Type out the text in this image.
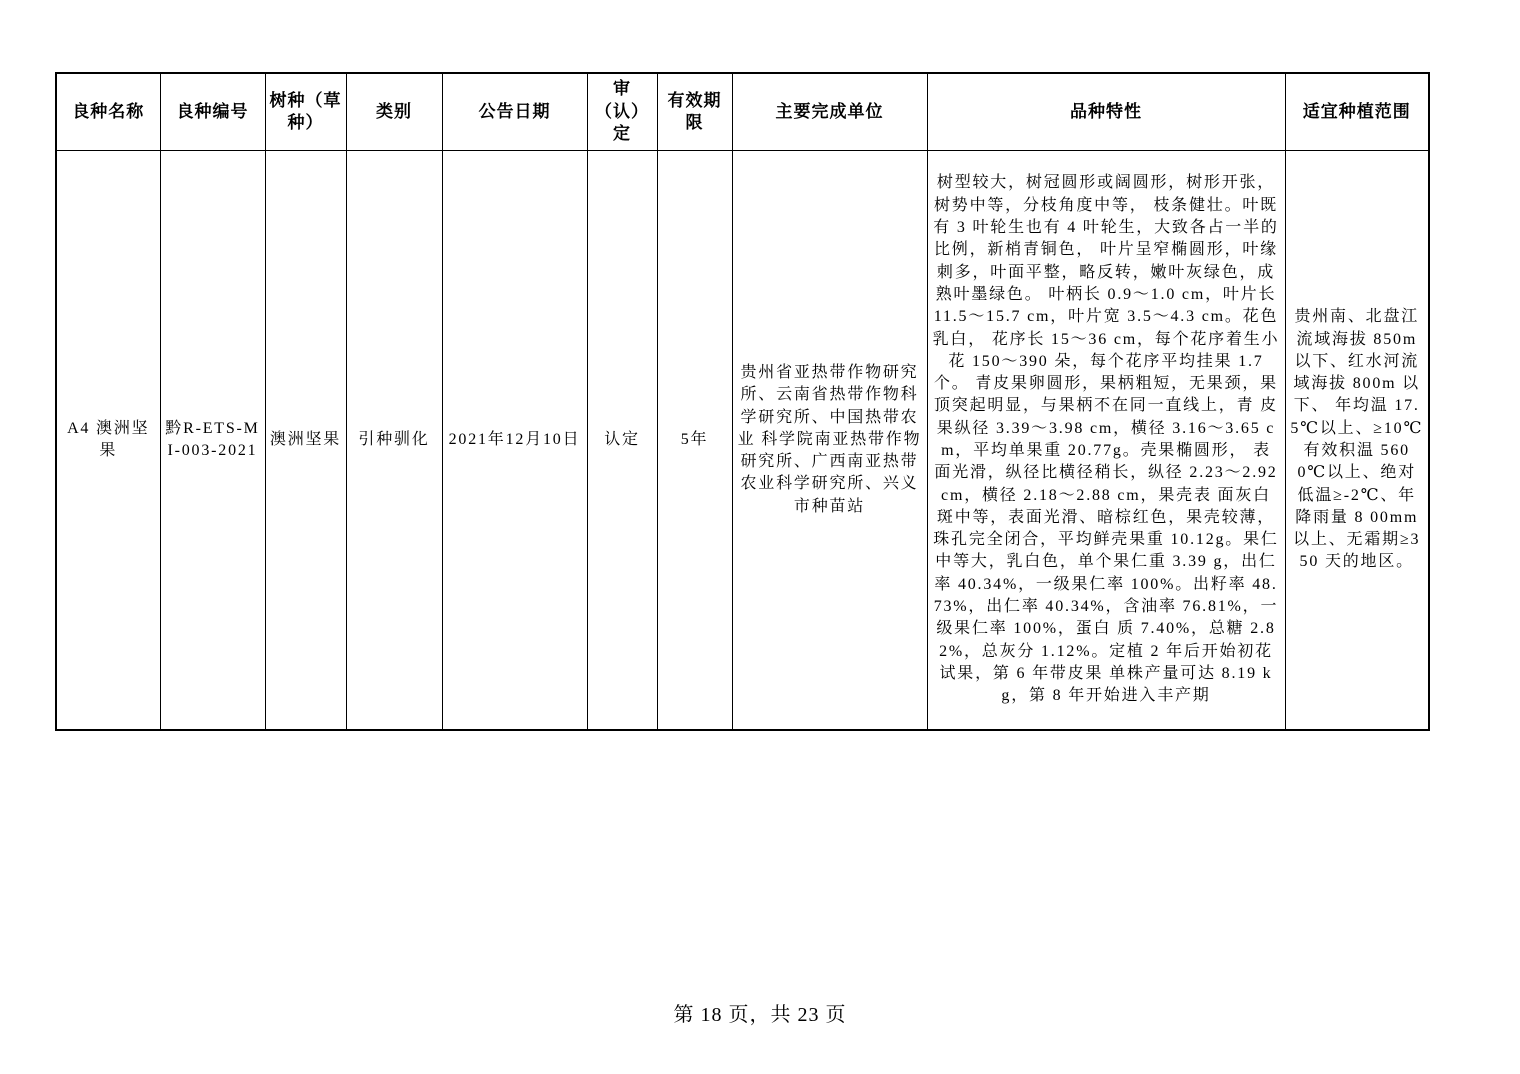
良种名称	良种编号	树种（草种）	类别	公告日期	审（认）定	有效期限	主要完成单位	品种特性	适宜种植范围
A4 澳洲坚果	黔R-ETS-MI-003-2021	澳洲坚果	引种驯化	2021年12月10日	认定	5年	贵州省亚热带作物研究所、云南省热带作物科学研究所、中国热带农业 科学院南亚热带作物研究所、广西南亚热带农业科学研究所、兴义市种苗站	树型较大，树冠圆形或阔圆形，树形开张，树势中等，分枝角度中等， 枝条健壮。叶既有 3 叶轮生也有 4 叶轮生，大致各占一半的比例，新梢青铜色， 叶片呈窄椭圆形，叶缘刺多，叶面平整，略反转，嫩叶灰绿色，成熟叶墨绿色。 叶柄长 0.9～1.0 cm，叶片长 11.5～15.7 cm，叶片宽 3.5～4.3 cm。花色乳白， 花序长 15～36 cm，每个花序着生小花 150～390 朵，每个花序平均挂果 1.7 个。 青皮果卵圆形，果柄粗短，无果颈，果顶突起明显，与果柄不在同一直线上，青 皮果纵径 3.39～3.98 cm，横径 3.16～3.65 cm，平均单果重 20.77g。壳果椭圆形， 表面光滑，纵径比横径稍长，纵径 2.23～2.92 cm，横径 2.18～2.88 cm，果壳表 面灰白斑中等，表面光滑、暗棕红色，果壳较薄，珠孔完全闭合，平均鲜壳果重 10.12g。果仁中等大，乳白色，单个果仁重 3.39 g，出仁率 40.34%，一级果仁率 100%。出籽率 48.73%，出仁率 40.34%，含油率 76.81%，一级果仁率 100%，蛋白 质 7.40%，总糖 2.82%，总灰分 1.12%。定植 2 年后开始初花试果，第 6 年带皮果 单株产量可达 8.19 kg，第 8 年开始进入丰产期	贵州南、北盘江流域海拔 850m 以下、红水河流域海拔 800m 以下、 年均温 17.5℃以上、≥10℃有效积温 5600℃以上、绝对低温≥-2℃、年降雨量 8 00mm 以上、无霜期≥350 天的地区。
第 18 页，共 23 页
